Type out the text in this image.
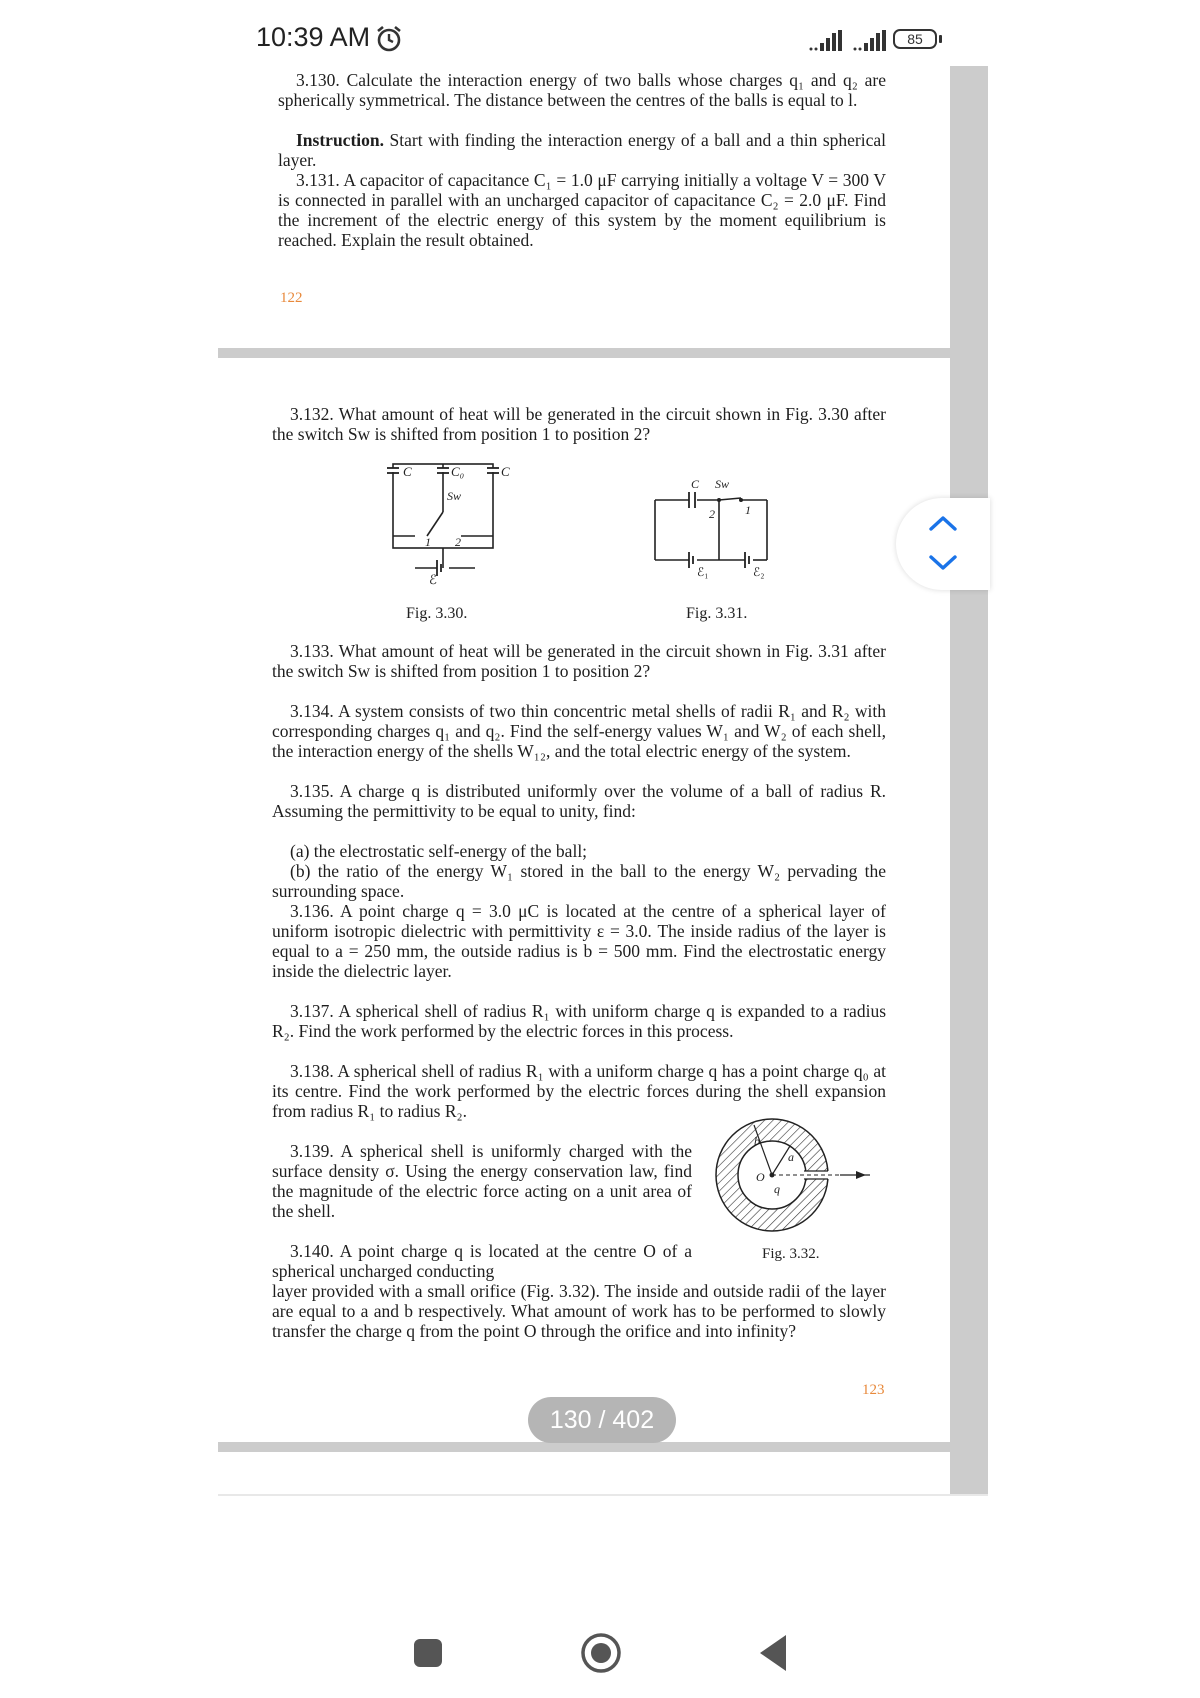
10:39 AM	85
3.130. Calculate the interaction energy of two balls whose charges q₁ and q₂ are spherically symmetrical. The distance between the centres of the balls is equal to l.
Instruction. Start with finding the interaction energy of a ball and a thin spherical layer.
3.131. A capacitor of capacitance C₁ = 1.0 μF carrying initially a voltage V = 300 V is connected in parallel with an uncharged capacitor of capacitance C₂ = 2.0 μF. Find the increment of the electric energy of this system by the moment equilibrium is reached. Explain the result obtained.
122
3.132. What amount of heat will be generated in the circuit shown in Fig. 3.30 after the switch Sw is shifted from position 1 to position 2?
C	C₀	C
Sw
1 2
ℰ
C Sw
2	1
ℰ₁	ℰ₂
Fig. 3.30.	Fig. 3.31.
3.133. What amount of heat will be generated in the circuit shown in Fig. 3.31 after the switch Sw is shifted from position 1 to position 2?
3.134. A system consists of two thin concentric metal shells of radii R₁ and R₂ with corresponding charges q₁ and q₂. Find the self-energy values W₁ and W₂ of each shell, the interaction energy of the shells W₁₂, and the total electric energy of the system.
3.135. A charge q is distributed uniformly over the volume of a ball of radius R. Assuming the permittivity to be equal to unity, find:
(a) the electrostatic self-energy of the ball;
(b) the ratio of the energy W₁ stored in the ball to the energy W₂ pervading the surrounding space.
3.136. A point charge q = 3.0 μC is located at the centre of a spherical layer of uniform isotropic dielectric with permittivity ε = 3.0. The inside radius of the layer is equal to a = 250 mm, the outside radius is b = 500 mm. Find the electrostatic energy inside the dielectric layer.
3.137. A spherical shell of radius R₁ with uniform charge q is expanded to a radius R₂. Find the work performed by the electric forces in this process.
3.138. A spherical shell of radius R₁ with a uniform charge q has a point charge q₀ at its centre. Find the work performed by the electric forces during the shell expansion from radius R₁ to radius R₂.
3.139. A spherical shell is uniformly charged with the surface density σ. Using the energy conservation law, find the magnitude of the electric force acting on a unit area of the shell.
3.140. A point charge q is located at the centre O of a spherical uncharged conducting
layer provided with a small orifice (Fig. 3.32). The inside and outside radii of the layer are equal to a and b respectively. What amount of work has to be performed to slowly transfer the charge q from the point O through the orifice and into infinity?
b
a
O
q
Fig. 3.32.
123
130 / 402
